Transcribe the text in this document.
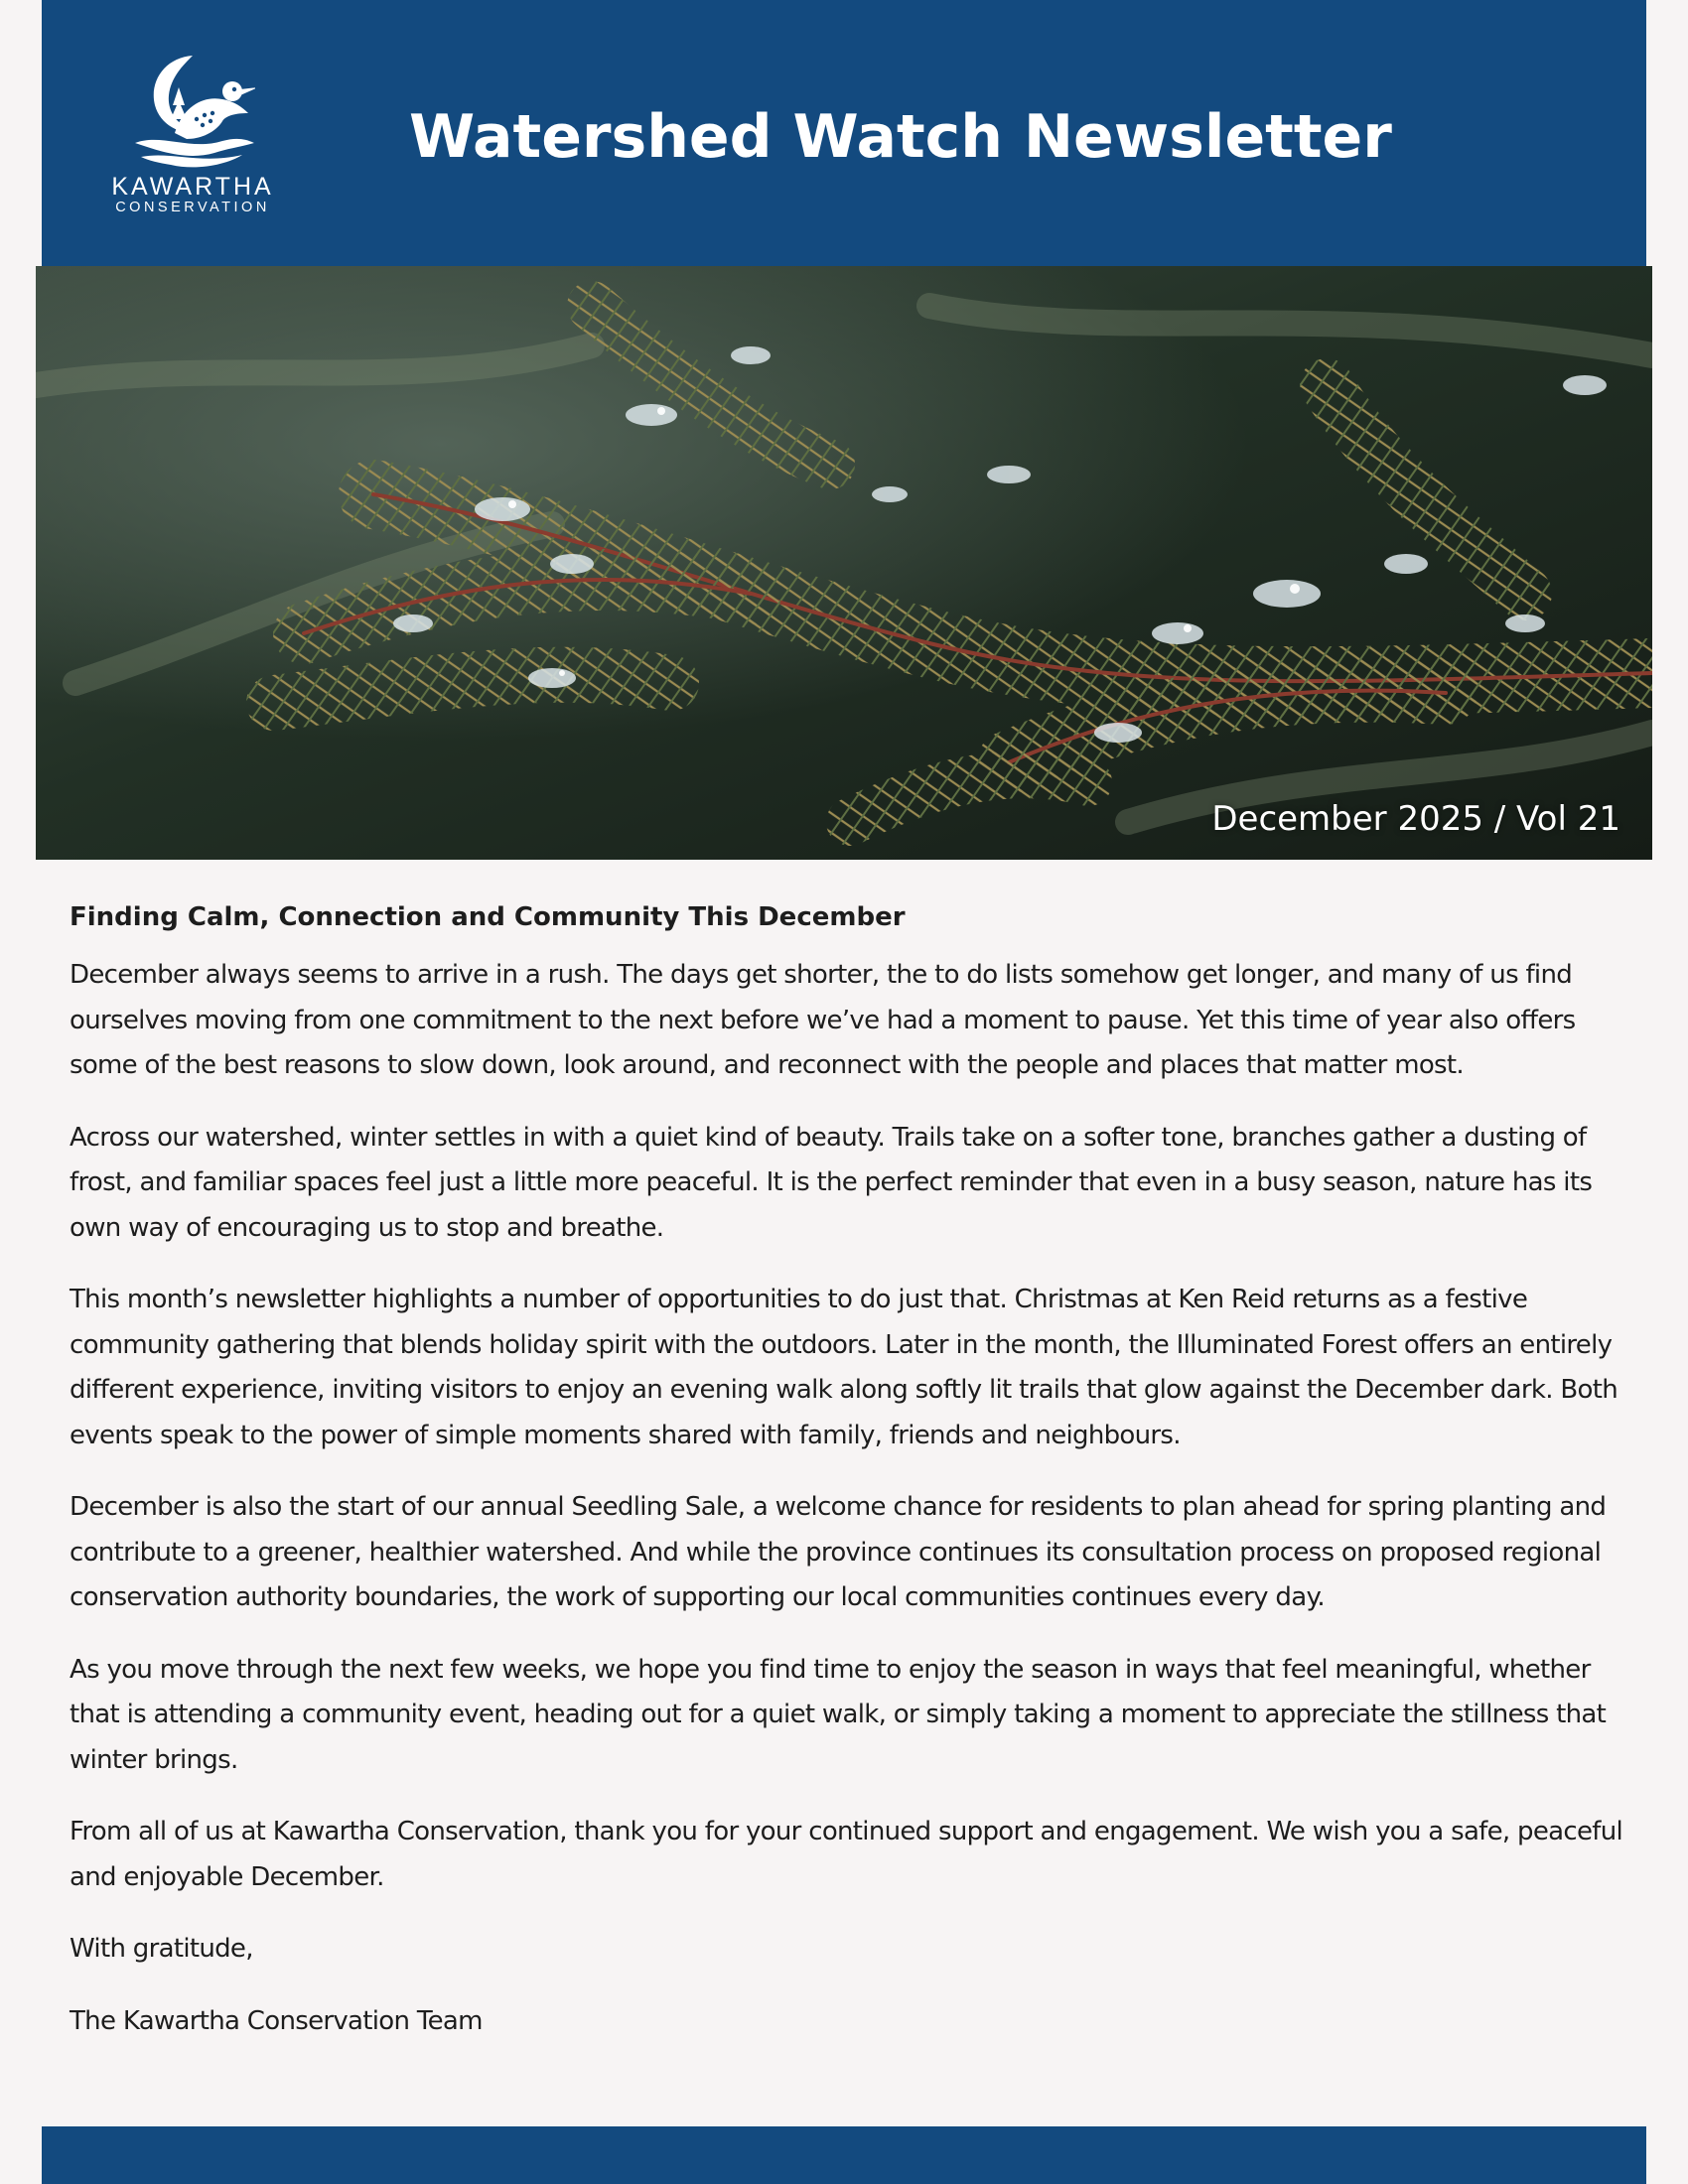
KAWARTHA
CONSERVATION
Watershed Watch Newsletter
December 2025 / Vol 21
Finding Calm, Connection and Community This December

December always seems to arrive in a rush. The days get shorter, the to do lists somehow get longer, and many of us find ourselves moving from one commitment to the next before we’ve had a moment to pause. Yet this time of year also offers some of the best reasons to slow down, look around, and reconnect with the people and places that matter most.

Across our watershed, winter settles in with a quiet kind of beauty. Trails take on a softer tone, branches gather a dusting of frost, and familiar spaces feel just a little more peaceful. It is the perfect reminder that even in a busy season, nature has its own way of encouraging us to stop and breathe.

This month’s newsletter highlights a number of opportunities to do just that. Christmas at Ken Reid returns as a festive community gathering that blends holiday spirit with the outdoors. Later in the month, the Illuminated Forest offers an entirely different experience, inviting visitors to enjoy an evening walk along softly lit trails that glow against the December dark. Both events speak to the power of simple moments shared with family, friends and neighbours.

December is also the start of our annual Seedling Sale, a welcome chance for residents to plan ahead for spring planting and contribute to a greener, healthier watershed. And while the province continues its consultation process on proposed regional conservation authority boundaries, the work of supporting our local communities continues every day.

As you move through the next few weeks, we hope you find time to enjoy the season in ways that feel meaningful, whether that is attending a community event, heading out for a quiet walk, or simply taking a moment to appreciate the stillness that winter brings.

From all of us at Kawartha Conservation, thank you for your continued support and engagement. We wish you a safe, peaceful and enjoyable December.

With gratitude,

The Kawartha Conservation Team
